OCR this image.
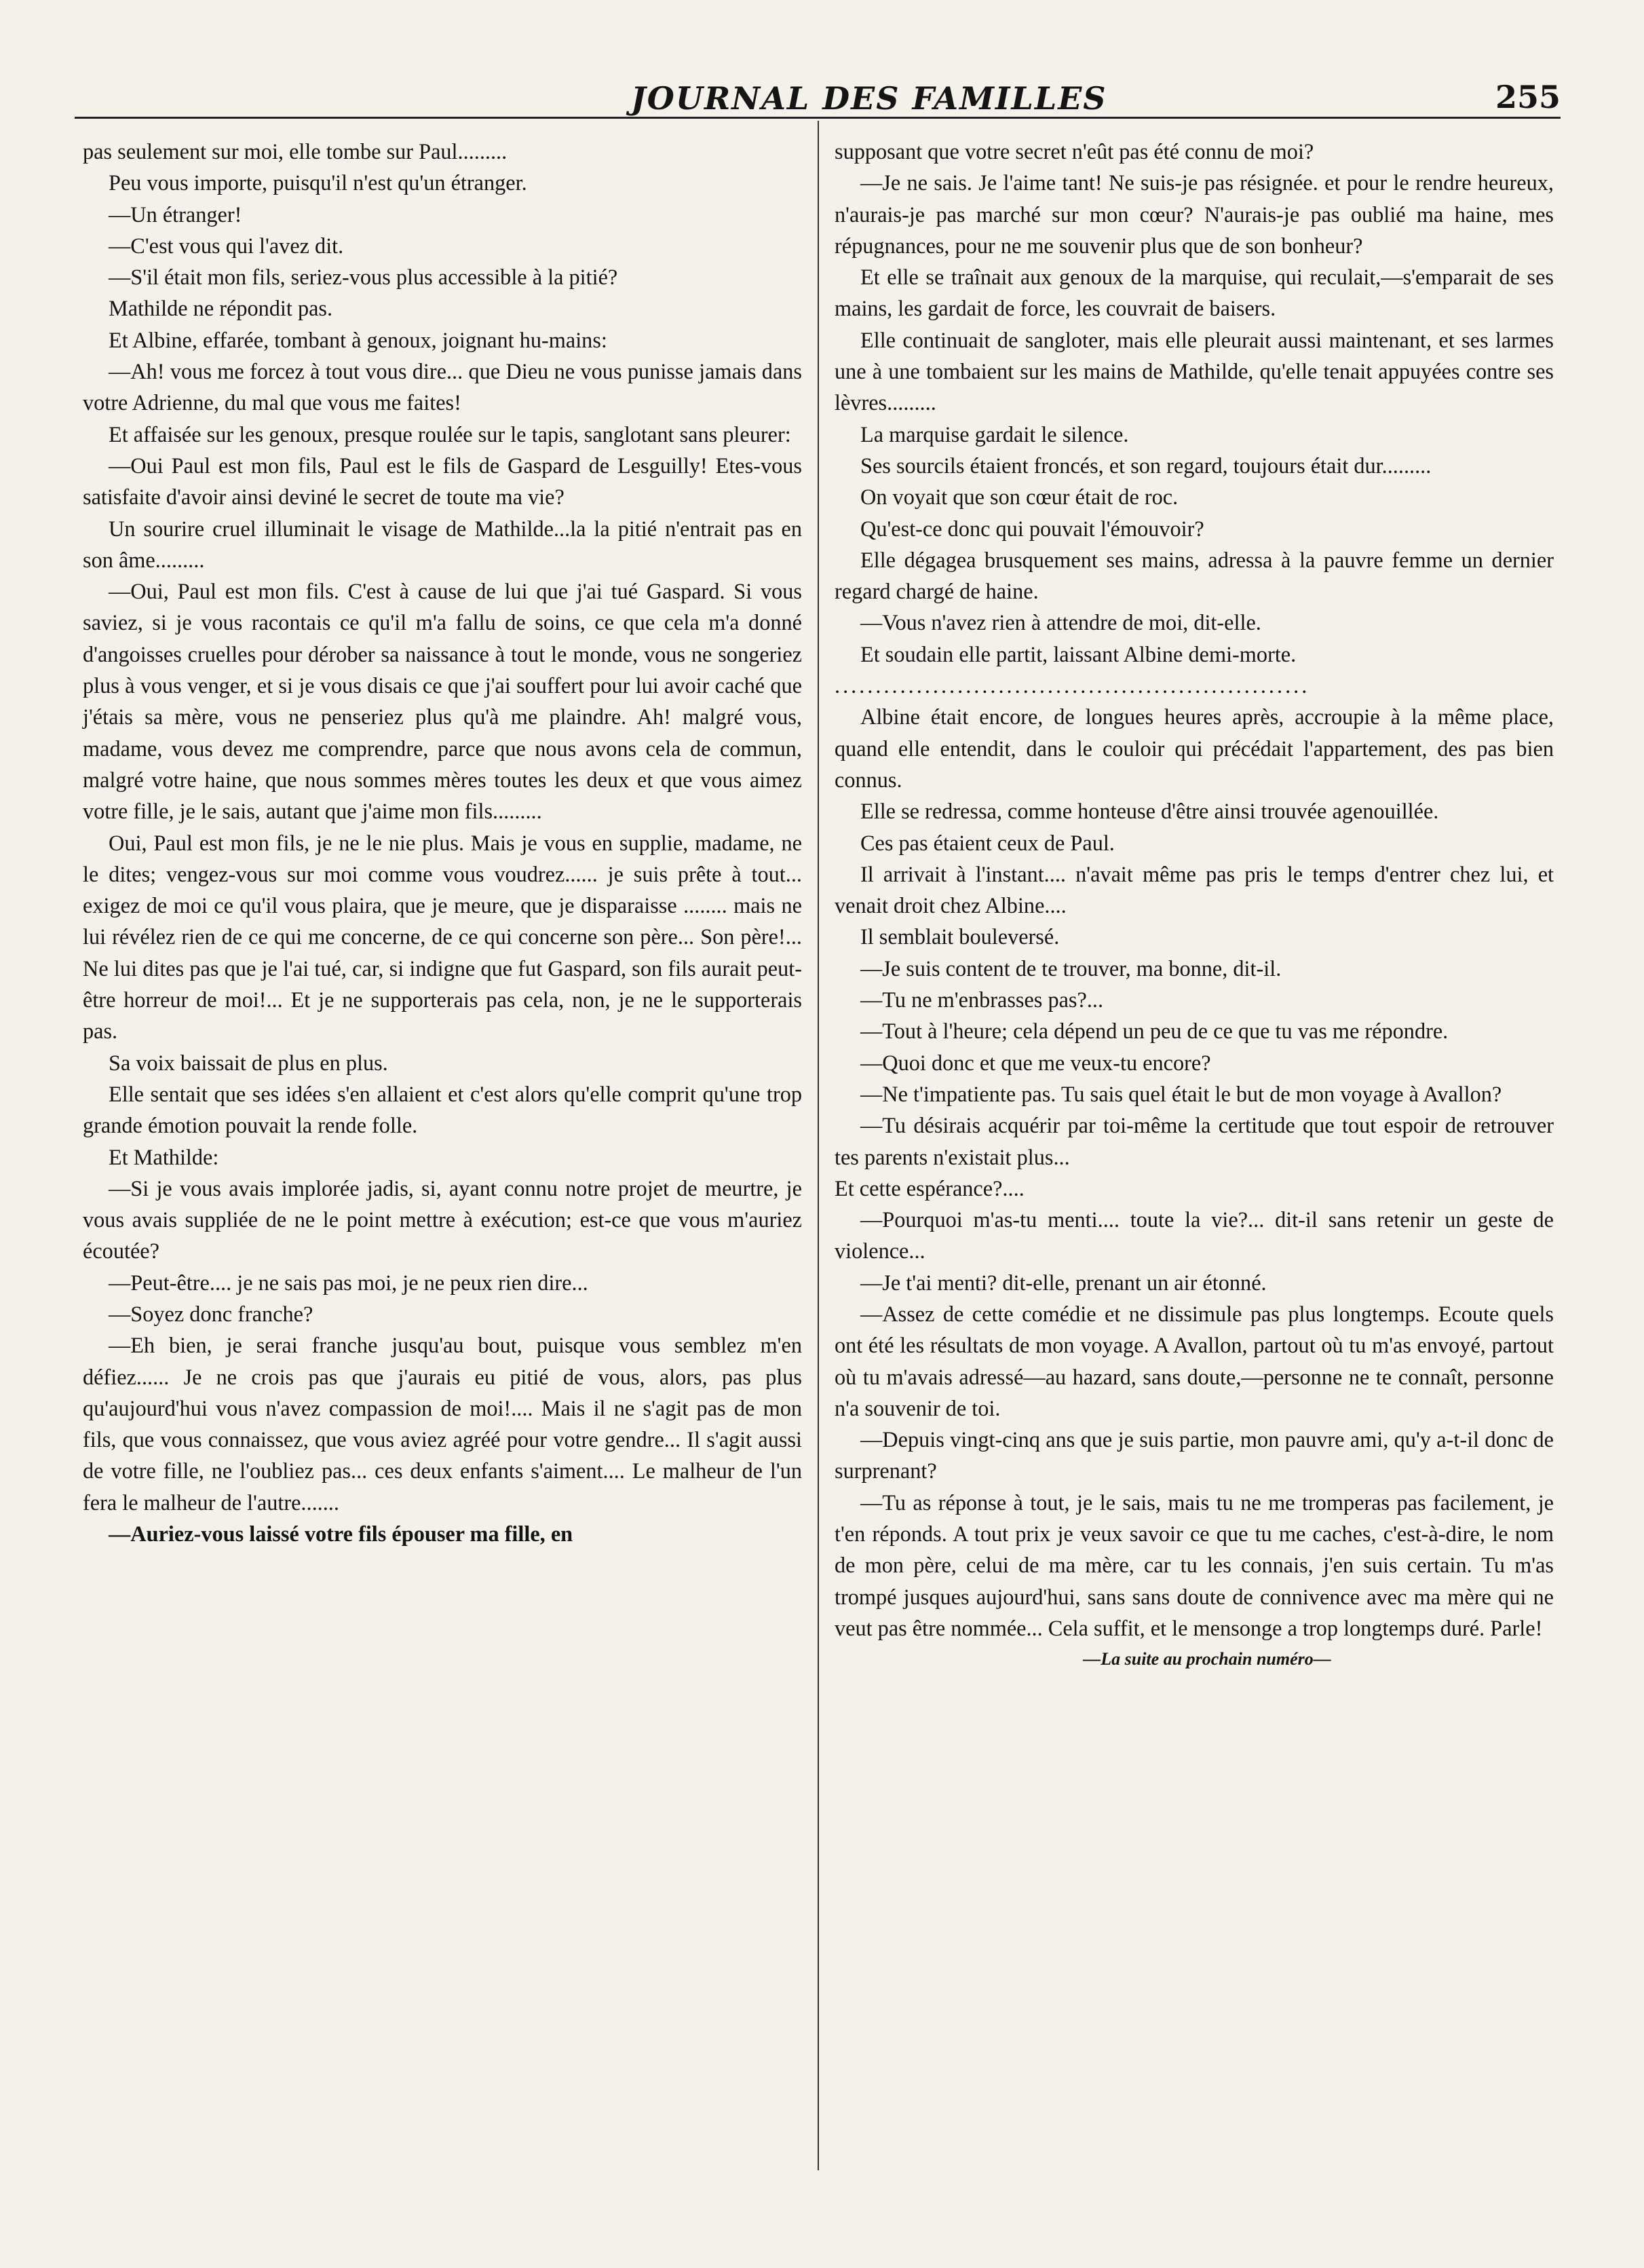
JOURNAL DES FAMILLES	255

pas seulement sur moi, elle tombe sur Paul.........

Peu vous importe, puisqu'il n'est qu'un étranger.

—Un étranger!

—C'est vous qui l'avez dit.

—S'il était mon fils, seriez-vous plus accessible à la pitié?

Mathilde ne répondit pas.

Et Albine, effarée, tombant à genoux, joignant hu-mains:

—Ah! vous me forcez à tout vous dire... que Dieu ne vous punisse jamais dans votre Adrienne, du mal que vous me faites!

Et affaisée sur les genoux, presque roulée sur le tapis, sanglotant sans pleurer:

—Oui Paul est mon fils, Paul est le fils de Gaspard de Lesguilly! Etes-vous satisfaite d'avoir ainsi deviné le secret de toute ma vie?

Un sourire cruel illuminait le visage de Mathilde...la la pitié n'entrait pas en son âme.........

—Oui, Paul est mon fils. C'est à cause de lui que j'ai tué Gaspard. Si vous saviez, si je vous racontais ce qu'il m'a fallu de soins, ce que cela m'a donné d'angoisses cruelles pour dérober sa naissance à tout le monde, vous ne songeriez plus à vous venger, et si je vous disais ce que j'ai souffert pour lui avoir caché que j'étais sa mère, vous ne penseriez plus qu'à me plaindre. Ah! malgré vous, madame, vous devez me comprendre, parce que nous avons cela de commun, malgré votre haine, que nous sommes mères toutes les deux et que vous aimez votre fille, je le sais, autant que j'aime mon fils.........

Oui, Paul est mon fils, je ne le nie plus. Mais je vous en supplie, madame, ne le dites; vengez-vous sur moi comme vous voudrez...... je suis prête à tout... exigez de moi ce qu'il vous plaira, que je meure, que je disparaisse ........ mais ne lui révélez rien de ce qui me concerne, de ce qui concerne son père... Son père!... Ne lui dites pas que je l'ai tué, car, si indigne que fut Gaspard, son fils aurait peut-être horreur de moi!... Et je ne supporterais pas cela, non, je ne le supporterais pas.

Sa voix baissait de plus en plus.

Elle sentait que ses idées s'en allaient et c'est alors qu'elle comprit qu'une trop grande émotion pouvait la rende folle.

Et Mathilde:

—Si je vous avais implorée jadis, si, ayant connu notre projet de meurtre, je vous avais suppliée de ne le point mettre à exécution; est-ce que vous m'auriez écoutée?

—Peut-être.... je ne sais pas moi, je ne peux rien dire...

—Soyez donc franche?

—Eh bien, je serai franche jusqu'au bout, puisque vous semblez m'en défiez...... Je ne crois pas que j'aurais eu pitié de vous, alors, pas plus qu'aujourd'hui vous n'avez compassion de moi!.... Mais il ne s'agit pas de mon fils, que vous connaissez, que vous aviez agréé pour votre gendre... Il s'agit aussi de votre fille, ne l'oubliez pas... ces deux enfants s'aiment.... Le malheur de l'un fera le malheur de l'autre.......

—Auriez-vous laissé votre fils épouser ma fille, en

supposant que votre secret n'eût pas été connu de moi?

—Je ne sais. Je l'aime tant! Ne suis-je pas résignée. et pour le rendre heureux, n'aurais-je pas marché sur mon cœur? N'aurais-je pas oublié ma haine, mes répugnances, pour ne me souvenir plus que de son bonheur?

Et elle se traînait aux genoux de la marquise, qui reculait,—s'emparait de ses mains, les gardait de force, les couvrait de baisers.

Elle continuait de sangloter, mais elle pleurait aussi maintenant, et ses larmes une à une tombaient sur les mains de Mathilde, qu'elle tenait appuyées contre ses lèvres.........

La marquise gardait le silence.

Ses sourcils étaient froncés, et son regard, toujours était dur.........

On voyait que son cœur était de roc.

Qu'est-ce donc qui pouvait l'émouvoir?

Elle dégagea brusquement ses mains, adressa à la pauvre femme un dernier regard chargé de haine.

—Vous n'avez rien à attendre de moi, dit-elle.

Et soudain elle partit, laissant Albine demi-morte.

..........................................................

Albine était encore, de longues heures après, accroupie à la même place, quand elle entendit, dans le couloir qui précédait l'appartement, des pas bien connus.

Elle se redressa, comme honteuse d'être ainsi trouvée agenouillée.

Ces pas étaient ceux de Paul.

Il arrivait à l'instant.... n'avait même pas pris le temps d'entrer chez lui, et venait droit chez Albine....

Il semblait bouleversé.

—Je suis content de te trouver, ma bonne, dit-il.

—Tu ne m'enbrasses pas?...

—Tout à l'heure; cela dépend un peu de ce que tu vas me répondre.

—Quoi donc et que me veux-tu encore?

—Ne t'impatiente pas. Tu sais quel était le but de mon voyage à Avallon?

—Tu désirais acquérir par toi-même la certitude que tout espoir de retrouver tes parents n'existait plus...

Et cette espérance?....

—Pourquoi m'as-tu menti.... toute la vie?... dit-il sans retenir un geste de violence...

—Je t'ai menti? dit-elle, prenant un air étonné.

—Assez de cette comédie et ne dissimule pas plus longtemps. Ecoute quels ont été les résultats de mon voyage. A Avallon, partout où tu m'as envoyé, partout où tu m'avais adressé—au hazard, sans doute,—personne ne te connaît, personne n'a souvenir de toi.

—Depuis vingt-cinq ans que je suis partie, mon pauvre ami, qu'y a-t-il donc de surprenant?

—Tu as réponse à tout, je le sais, mais tu ne me tromperas pas facilement, je t'en réponds. A tout prix je veux savoir ce que tu me caches, c'est-à-dire, le nom de mon père, celui de ma mère, car tu les connais, j'en suis certain. Tu m'as trompé jusques aujourd'hui, sans sans doute de connivence avec ma mère qui ne veut pas être nommée... Cela suffit, et le mensonge a trop longtemps duré. Parle!

—La suite au prochain numéro—
